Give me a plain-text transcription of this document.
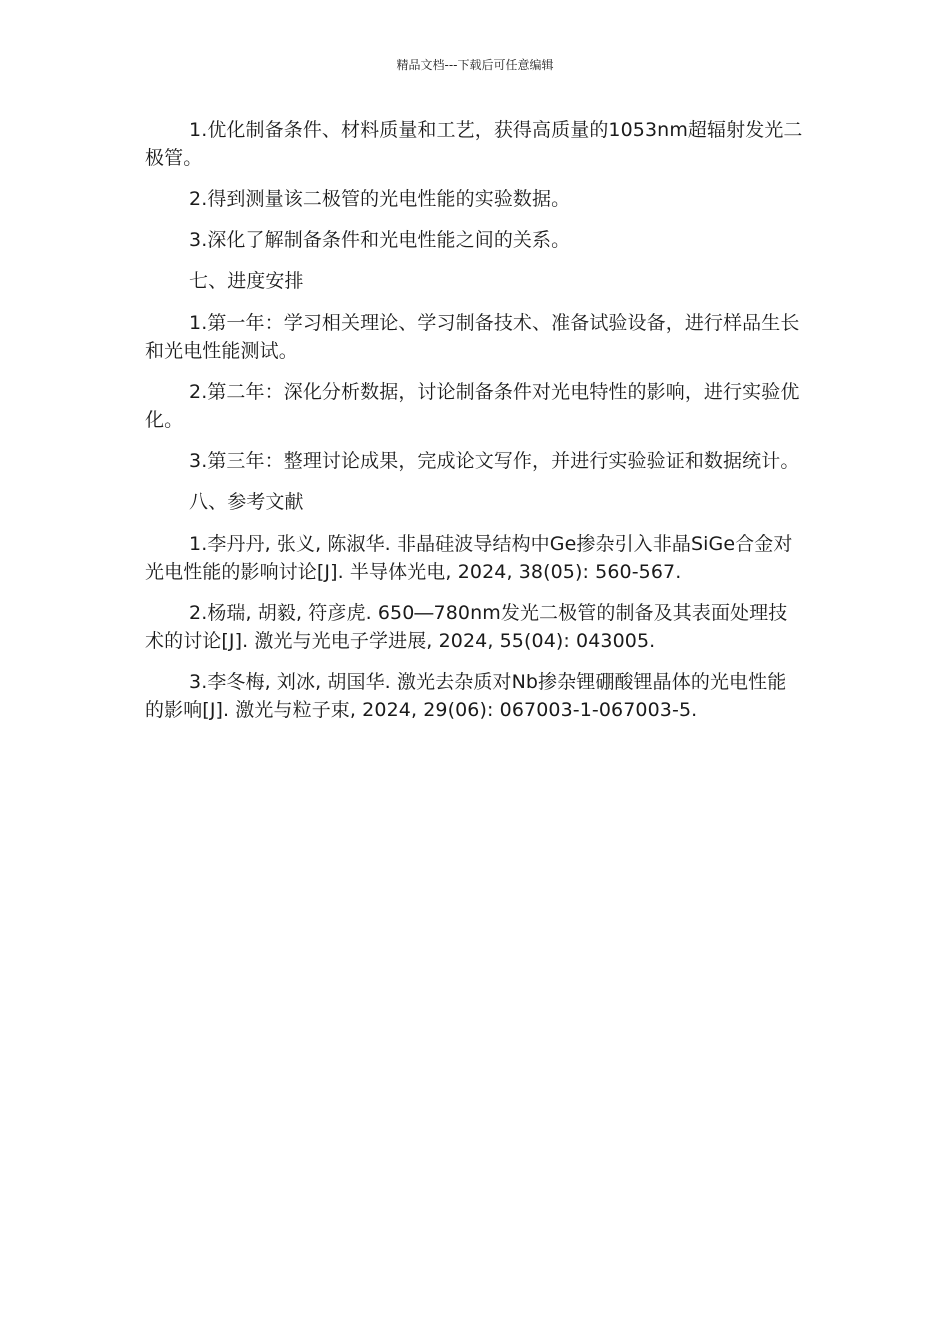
精品文档---下载后可任意编辑

1.优化制备条件、材料质量和工艺，获得高质量的1053nm超辐射发光二极管。

2.得到测量该二极管的光电性能的实验数据。

3.深化了解制备条件和光电性能之间的关系。

七、进度安排

1.第一年：学习相关理论、学习制备技术、准备试验设备，进行样品生长和光电性能测试。

2.第二年：深化分析数据，讨论制备条件对光电特性的影响，进行实验优化。

3.第三年：整理讨论成果，完成论文写作，并进行实验验证和数据统计。

八、参考文献

1.李丹丹, 张义, 陈淑华. 非晶硅波导结构中Ge掺杂引入非晶SiGe合金对光电性能的影响讨论[J]. 半导体光电, 2024, 38(05): 560-567.

2.杨瑞, 胡毅, 符彦虎. 650―780nm发光二极管的制备及其表面处理技术的讨论[J]. 激光与光电子学进展, 2024, 55(04): 043005.

3.李冬梅, 刘冰, 胡国华. 激光去杂质对Nb掺杂锂硼酸锂晶体的光电性能的影响[J]. 激光与粒子束, 2024, 29(06): 067003-1-067003-5.
